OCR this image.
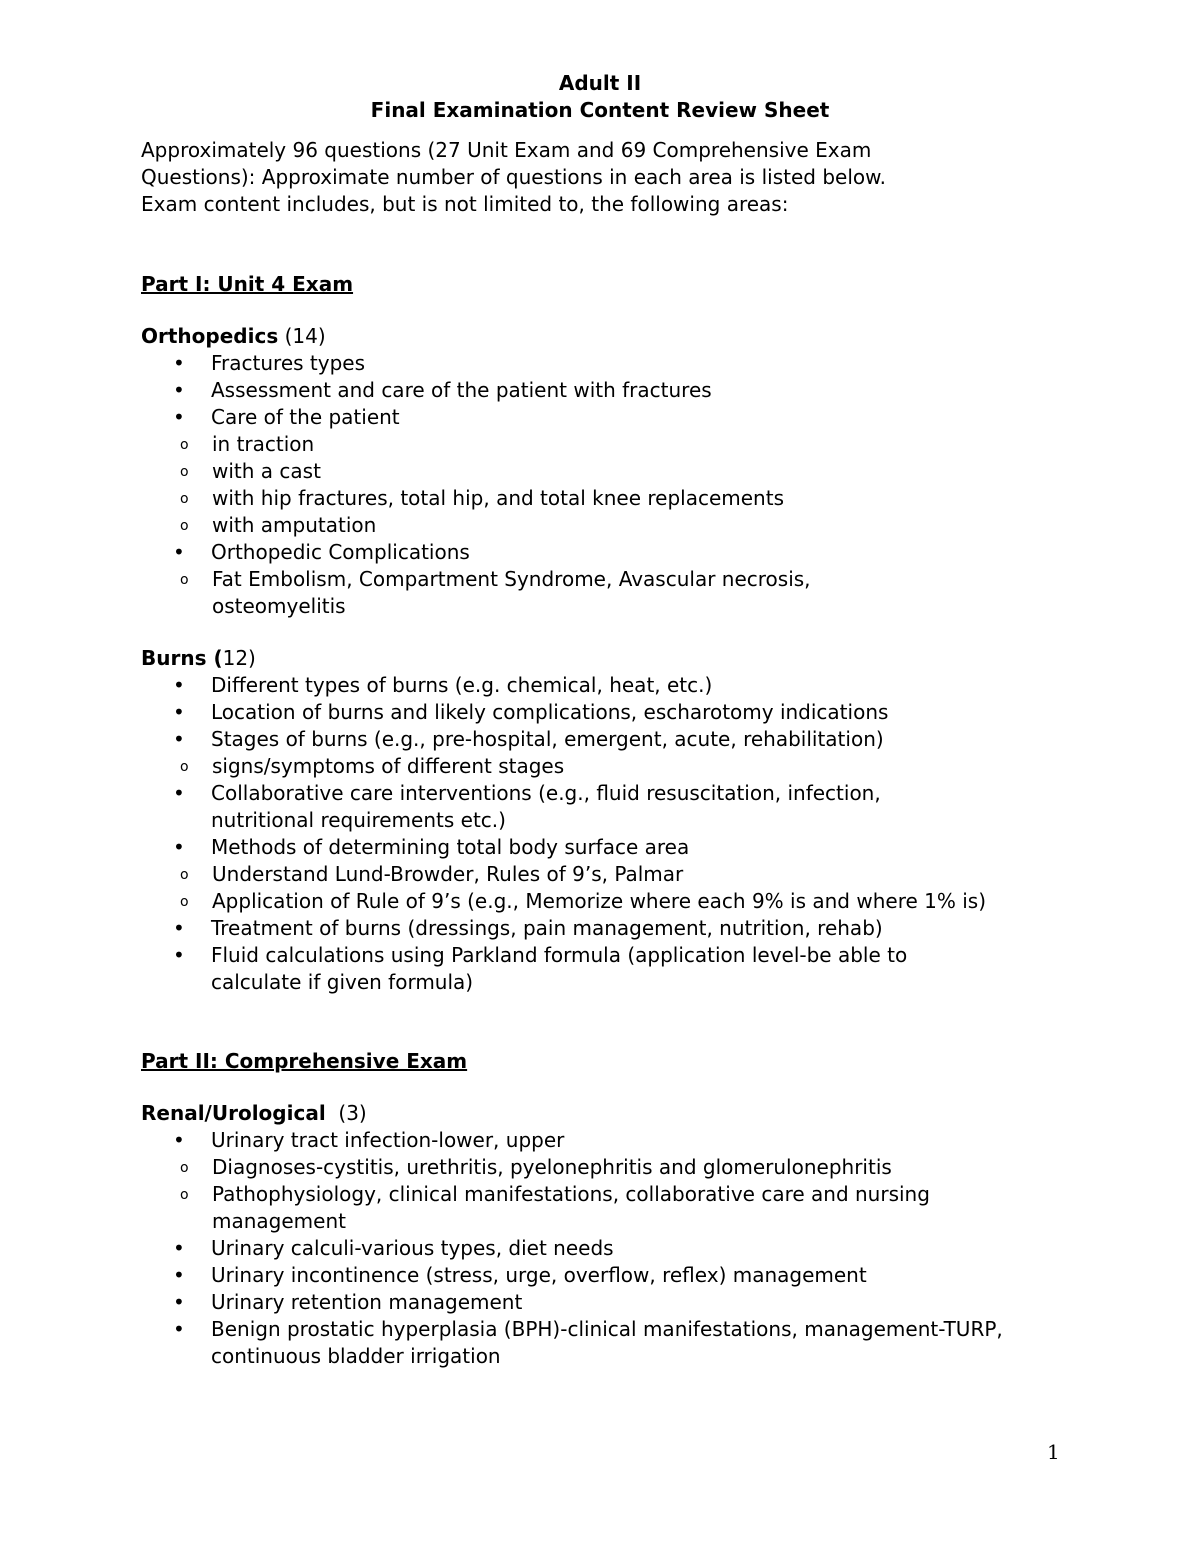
Adult II
Final Examination Content Review Sheet
Approximately 96 questions (27 Unit Exam and 69 Comprehensive Exam
Questions): Approximate number of questions in each area is listed below.
Exam content includes, but is not limited to, the following areas:
Part I: Unit 4 Exam
Orthopedics (14)
• Fractures types
• Assessment and care of the patient with fractures
• Care of the patient
o in traction
o with a cast
o with hip fractures, total hip, and total knee replacements
o with amputation
• Orthopedic Complications
o Fat Embolism, Compartment Syndrome, Avascular necrosis, osteomyelitis
Burns (12)
• Different types of burns (e.g. chemical, heat, etc.)
• Location of burns and likely complications, escharotomy indications
• Stages of burns (e.g., pre-hospital, emergent, acute, rehabilitation)
o signs/symptoms of different stages
• Collaborative care interventions (e.g., fluid resuscitation, infection, nutritional requirements etc.)
• Methods of determining total body surface area
o Understand Lund-Browder, Rules of 9’s, Palmar
o Application of Rule of 9’s (e.g., Memorize where each 9% is and where 1% is)
• Treatment of burns (dressings, pain management, nutrition, rehab)
• Fluid calculations using Parkland formula (application level-be able to calculate if given formula)
Part II: Comprehensive Exam
Renal/Urological  (3)
• Urinary tract infection-lower, upper
o Diagnoses-cystitis, urethritis, pyelonephritis and glomerulonephritis
o Pathophysiology, clinical manifestations, collaborative care and nursing management
• Urinary calculi-various types, diet needs
• Urinary incontinence (stress, urge, overflow, reflex) management
• Urinary retention management
• Benign prostatic hyperplasia (BPH)-clinical manifestations, management-TURP, continuous bladder irrigation
1
